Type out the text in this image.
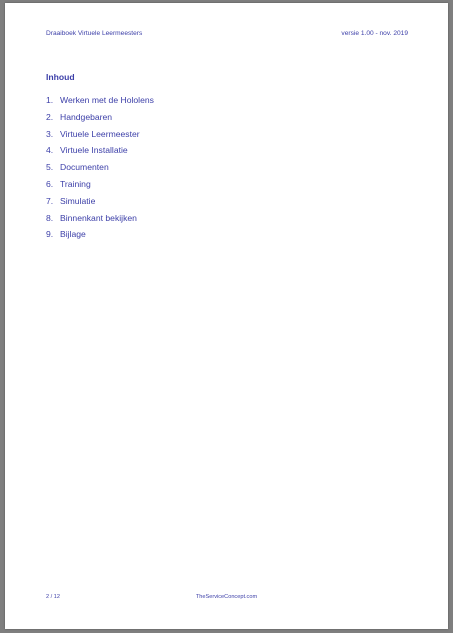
Draaiboek Virtuele Leermeesters	versie 1.00 - nov. 2019
Inhoud
1. Werken met de Hololens
2. Handgebaren
3. Virtuele Leermeester
4. Virtuele Installatie
5. Documenten
6. Training
7. Simulatie
8. Binnenkant bekijken
9. Bijlage
2 / 12	TheServiceConcept.com
